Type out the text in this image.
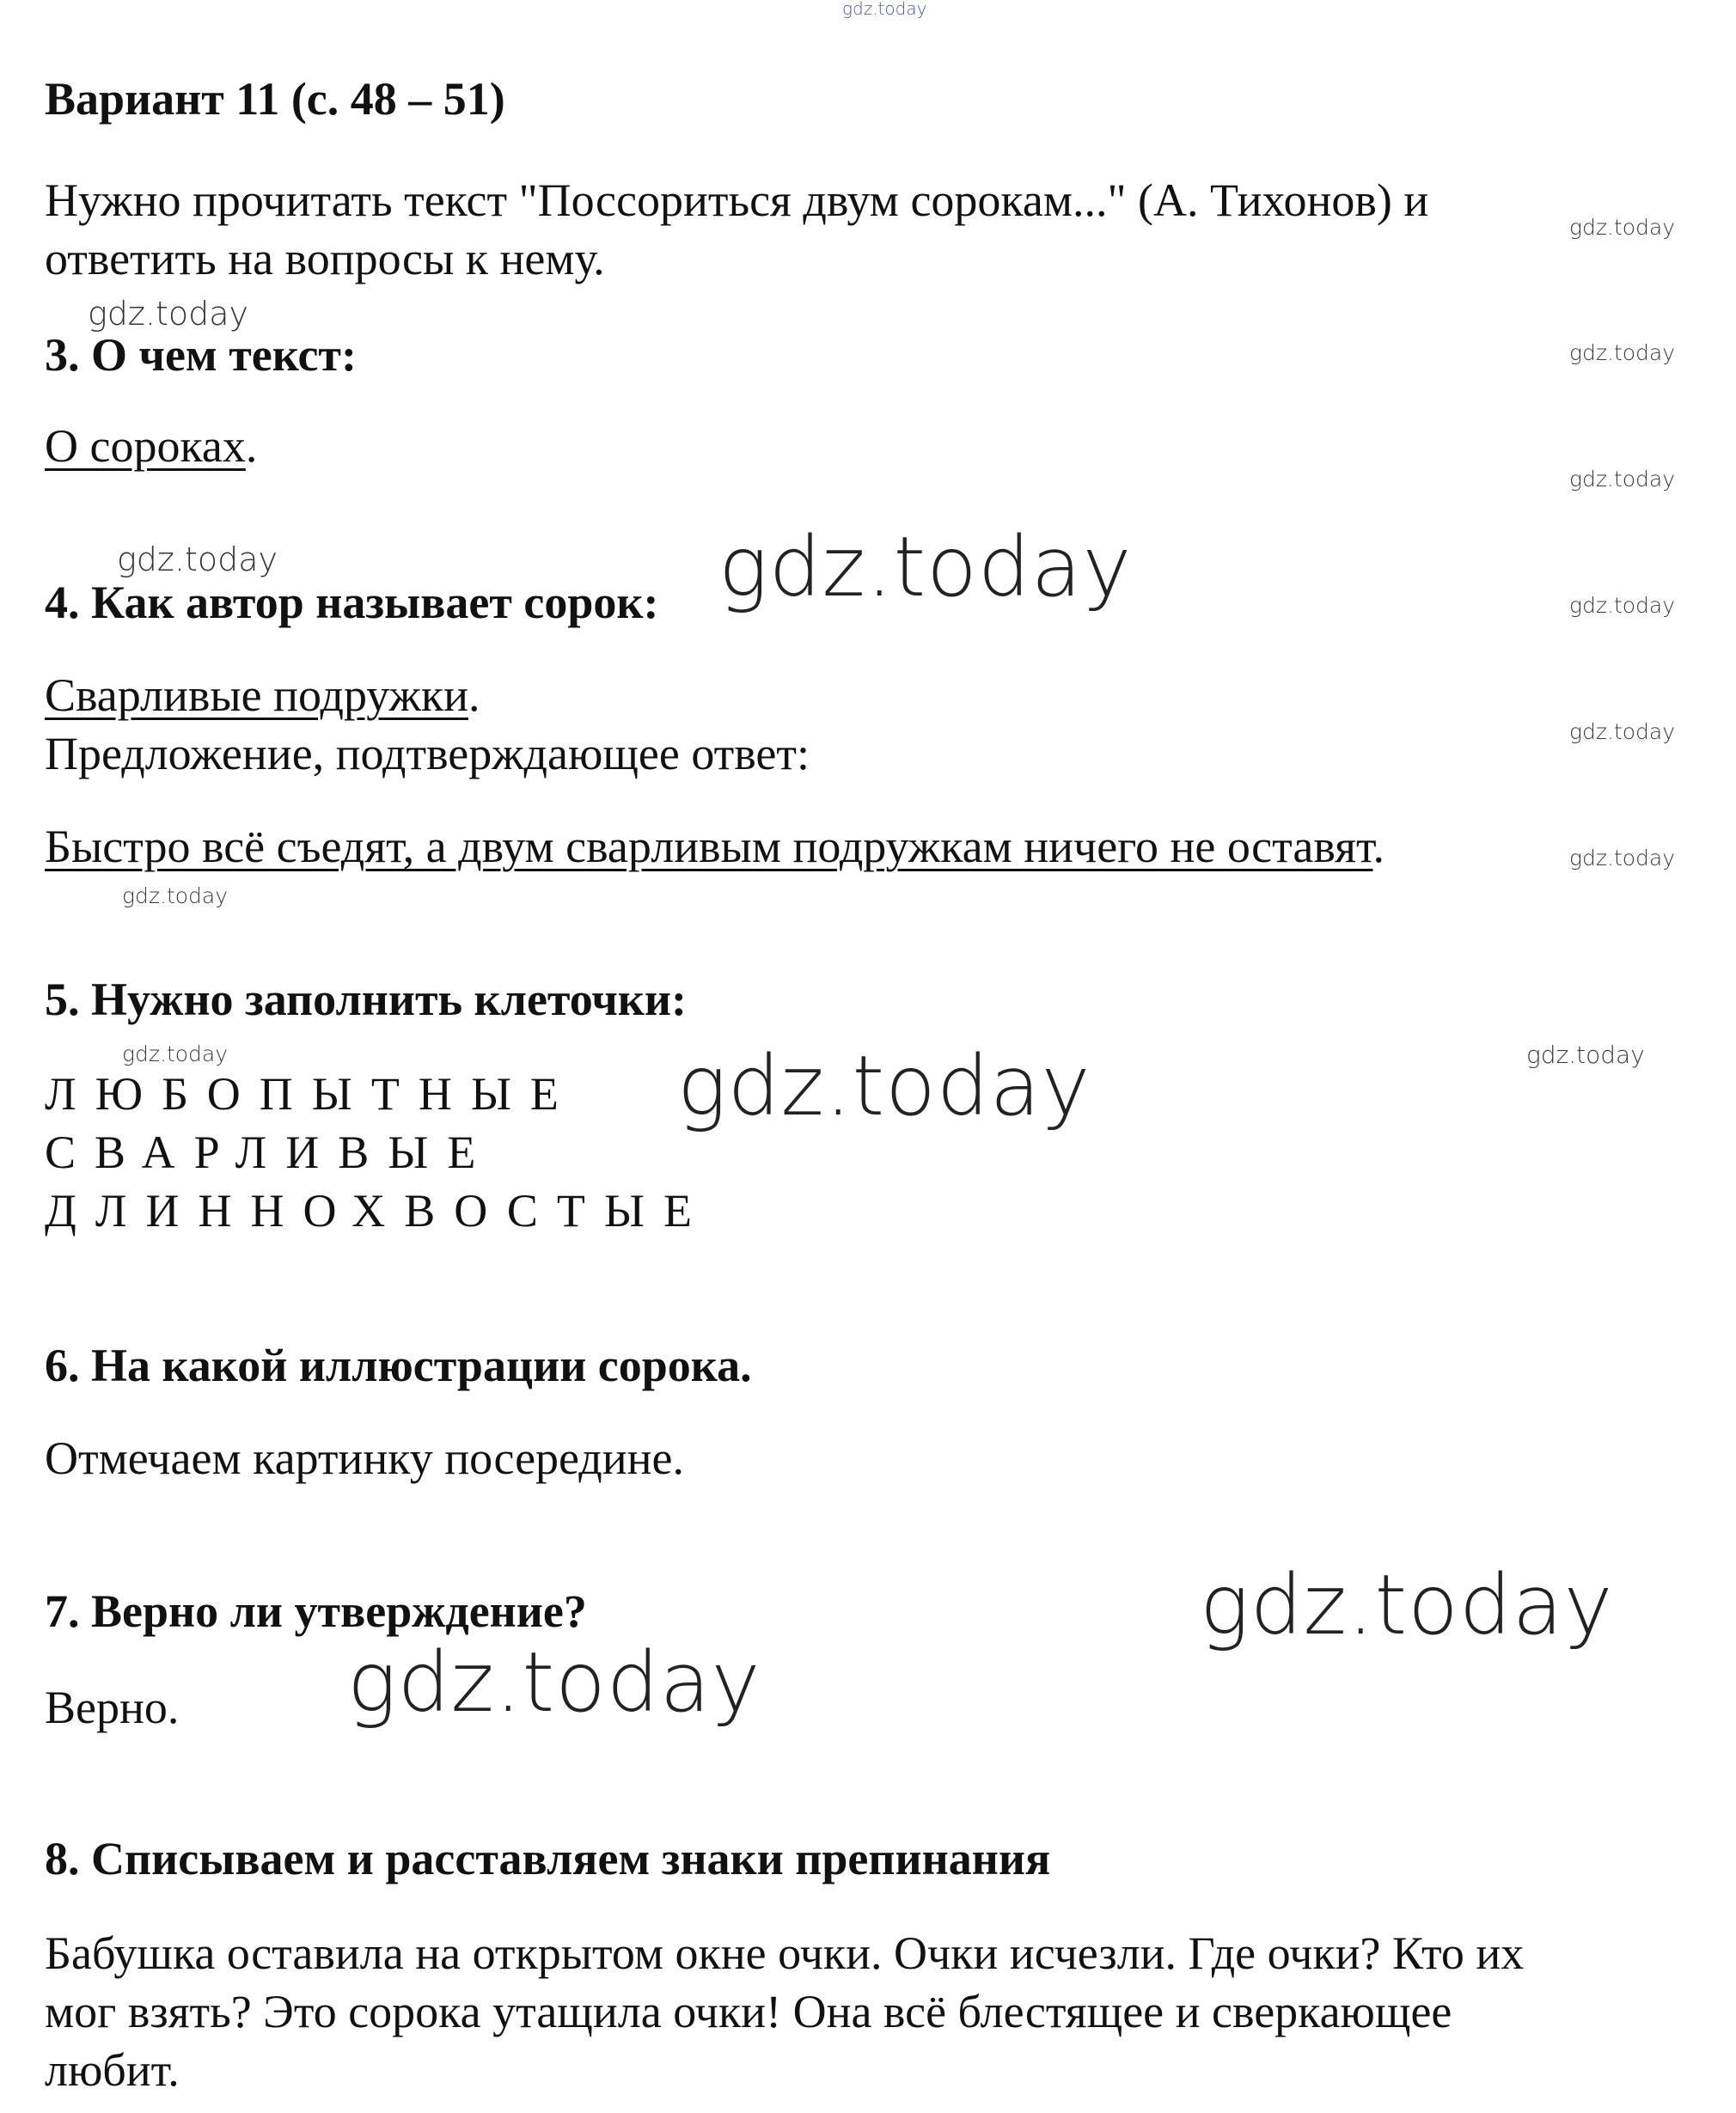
gdz.today
gdz.today
gdz.today
gdz.today
gdz.today
gdz.today
gdz.today
gdz.today
gdz.today	gdz.today
gdz.today
gdz.today	gdz.today
gdz.today
gdz.today
gdz.today
Вариант 11 (с. 48 – 51)
Нужно прочитать текст "Поссориться двум сорокам..." (А. Тихонов) и
ответить на вопросы к нему.
3. О чем текст:
О сороках.
4. Как автор называет сорок:
Сварливые подружки.
Предложение, подтверждающее ответ:
Быстро всё съедят, а двум сварливым подружкам ничего не оставят.
5. Нужно заполнить клеточки:
ЛЮБОПЫТНЫЕ
СВАРЛИВЫЕ
ДЛИННОХВОСТЫЕ
6. На какой иллюстрации сорока.
Отмечаем картинку посередине.
7. Верно ли утверждение?
Верно.
8. Списываем и расставляем знаки препинания
Бабушка оставила на открытом окне очки. Очки исчезли. Где очки? Кто их
мог взять? Это сорока утащила очки! Она всё блестящее и сверкающее
любит.
